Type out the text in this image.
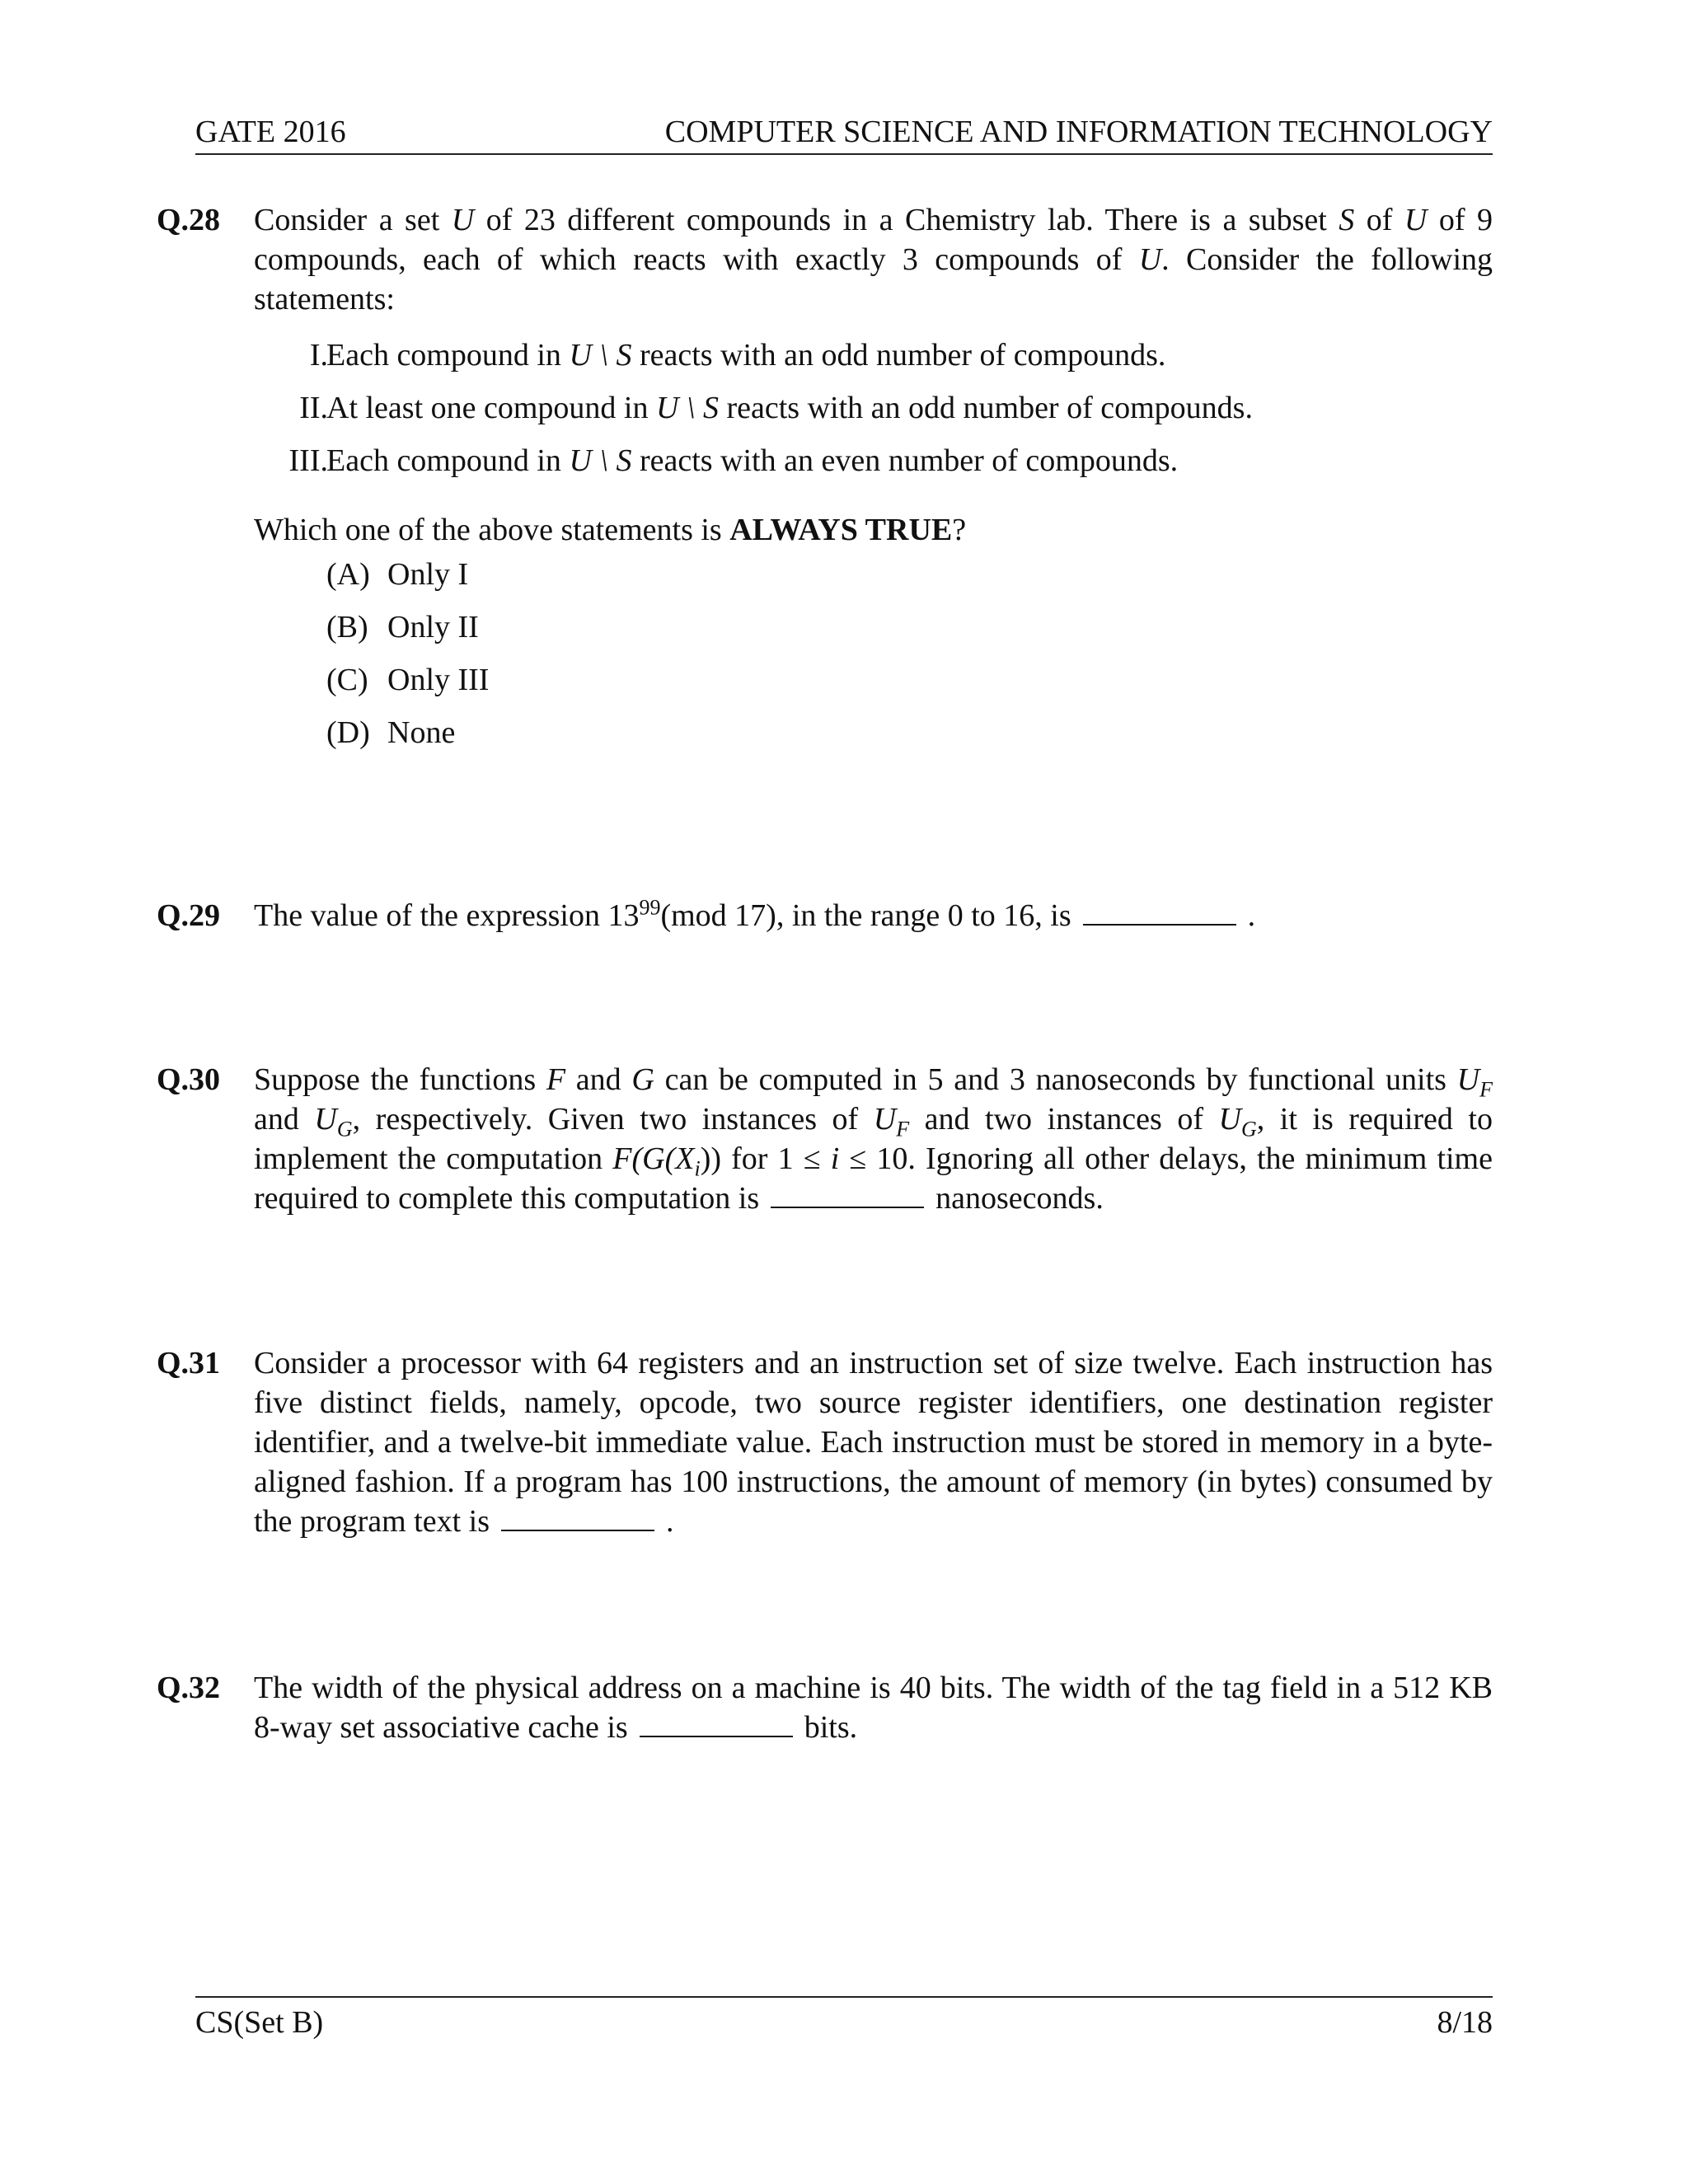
GATE 2016	COMPUTER SCIENCE AND INFORMATION TECHNOLOGY
Q.28	Consider a set U of 23 different compounds in a Chemistry lab. There is a subset S of U of 9 compounds, each of which reacts with exactly 3 compounds of U. Consider the following statements:
I.
Each compound in U \ S reacts with an odd number of compounds.
II.
At least one compound in U \ S reacts with an odd number of compounds.
III.
Each compound in U \ S reacts with an even number of compounds.
Which one of the above statements is ALWAYS TRUE?
(A) Only I
(B) Only II
(C) Only III
(D) None
Q.29	The value of the expression $13^{99}(mod$ 17), in the range 0 to 16, is	.
Q.30	Suppose the functions F and G can be computed in 5 and 3 nanoseconds by functional units $U_F$ and $U_G$, respectively. Given two instances of $U_F$ and two instances of $U_G$, it is required to implement the computation $F(G(X_i))$ for 1 ≤ i ≤ 10. Ignoring all other delays, the minimum time required to complete this computation is	nanoseconds.
Q.31	Consider a processor with 64 registers and an instruction set of size twelve. Each instruction has five distinct fields, namely, opcode, two source register identifiers, one destination register identifier, and a twelve-bit immediate value. Each instruction must be stored in memory in a byte-aligned fashion. If a program has 100 instructions, the amount of memory (in bytes) consumed by the program text is	.
Q.32	The width of the physical address on a machine is 40 bits. The width of the tag field in a 512 KB 8-way set associative cache is	bits.
CS(Set B)	8/18
